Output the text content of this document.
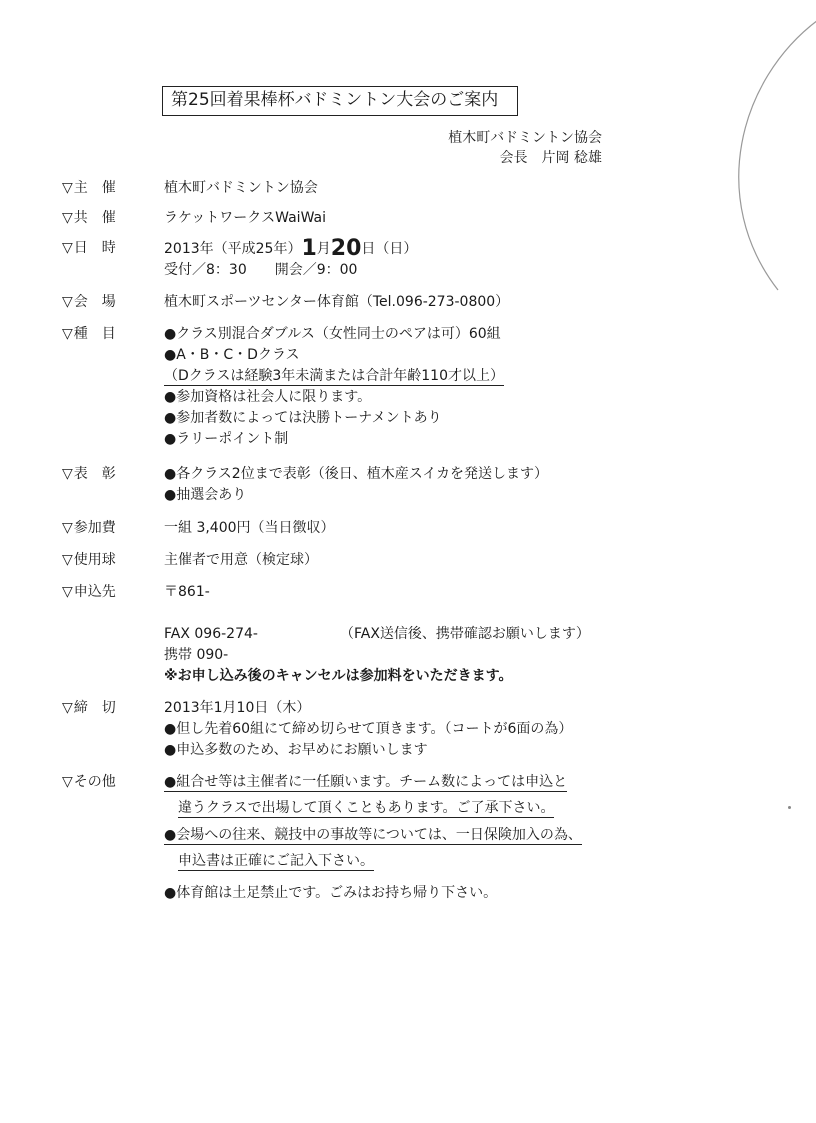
第25回着果棒杯バドミントン大会のご案内
植木町バドミントン協会

会長　片岡 稔雄
▽主　催	植木町バドミントン協会
▽共　催	ラケットワークスWaiWai
▽日　時	2013年（平成25年）1月20日（日）
受付／8：30　　開会／9：00
▽会　場	植木町スポーツセンター体育館（Tel.096-273-0800）
▽種　目	●クラス別混合ダブルス（女性同士のペアは可）60組
●A・B・C・Dクラス
（Dクラスは経験3年未満または合計年齢110才以上）
●参加資格は社会人に限ります。
●参加者数によっては決勝トーナメントあり
●ラリーポイント制
▽表　彰	●各クラス2位まで表彰（後日、植木産スイカを発送します）
●抽選会あり
▽参加費	一組 3,400円（当日徴収）
▽使用球	主催者で用意（検定球）
▽申込先	〒861-
FAX 096-274-	（FAX送信後、携帯確認お願いします）
携帯 090-
※お申し込み後のキャンセルは参加料をいただきます。
▽締　切	2013年1月10日（木）
●但し先着60組にて締め切らせて頂きます。（コートが6面の為）
●申込多数のため、お早めにお願いします
▽その他	●組合せ等は主催者に一任願います。チーム数によっては申込と
違うクラスで出場して頂くこともあります。ご了承下さい。
●会場への往来、競技中の事故等については、一日保険加入の為、
申込書は正確にご記入下さい。
●体育館は土足禁止です。ごみはお持ち帰り下さい。
